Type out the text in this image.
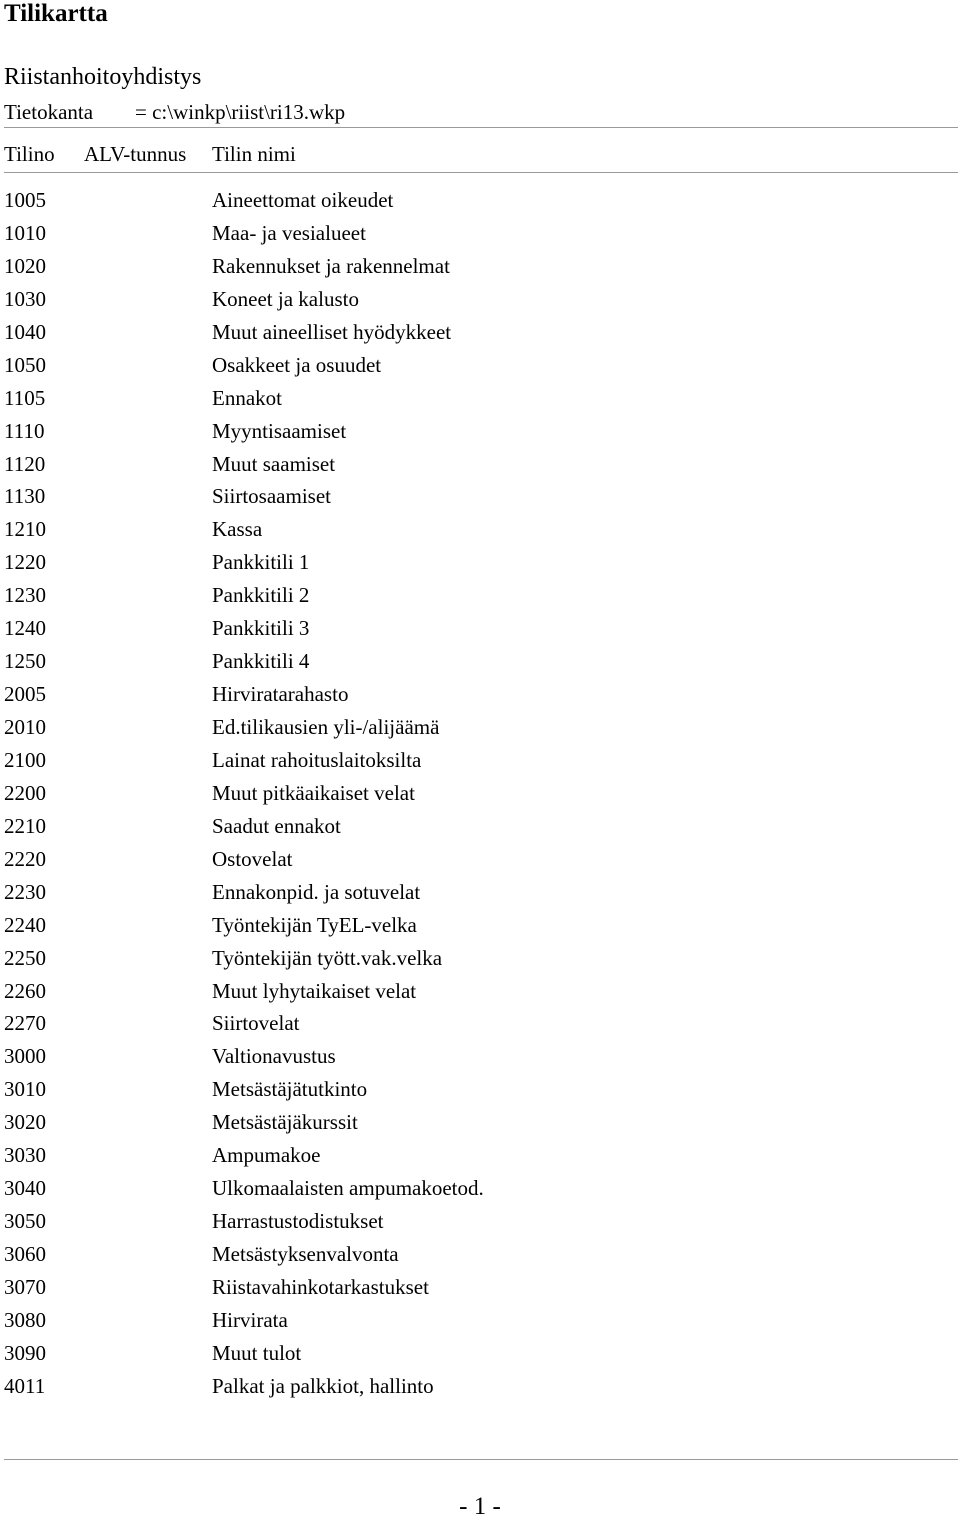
Tilikartta
Riistanhoitoyhdistys
Tietokanta = c:\winkp\riist\ri13.wkp
Tilino ALV-tunnus Tilin nimi
1005	Aineettomat oikeudet
1010	Maa- ja vesialueet
1020	Rakennukset ja rakennelmat
1030	Koneet ja kalusto
1040	Muut aineelliset hyödykkeet
1050	Osakkeet ja osuudet
1105	Ennakot
1110	Myyntisaamiset
1120	Muut saamiset
1130	Siirtosaamiset
1210	Kassa
1220	Pankkitili 1
1230	Pankkitili 2
1240	Pankkitili 3
1250	Pankkitili 4
2005	Hirviratarahasto
2010	Ed.tilikausien yli-/alijäämä
2100	Lainat rahoituslaitoksilta
2200	Muut pitkäaikaiset velat
2210	Saadut ennakot
2220	Ostovelat
2230	Ennakonpid. ja sotuvelat
2240	Työntekijän TyEL-velka
2250	Työntekijän tyött.vak.velka
2260	Muut lyhytaikaiset velat
2270	Siirtovelat
3000	Valtionavustus
3010	Metsästäjätutkinto
3020	Metsästäjäkurssit
3030	Ampumakoe
3040	Ulkomaalaisten ampumakoetod.
3050	Harrastustodistukset
3060	Metsästyksenvalvonta
3070	Riistavahinkotarkastukset
3080	Hirvirata
3090	Muut tulot
4011	Palkat ja palkkiot, hallinto
- 1 -
